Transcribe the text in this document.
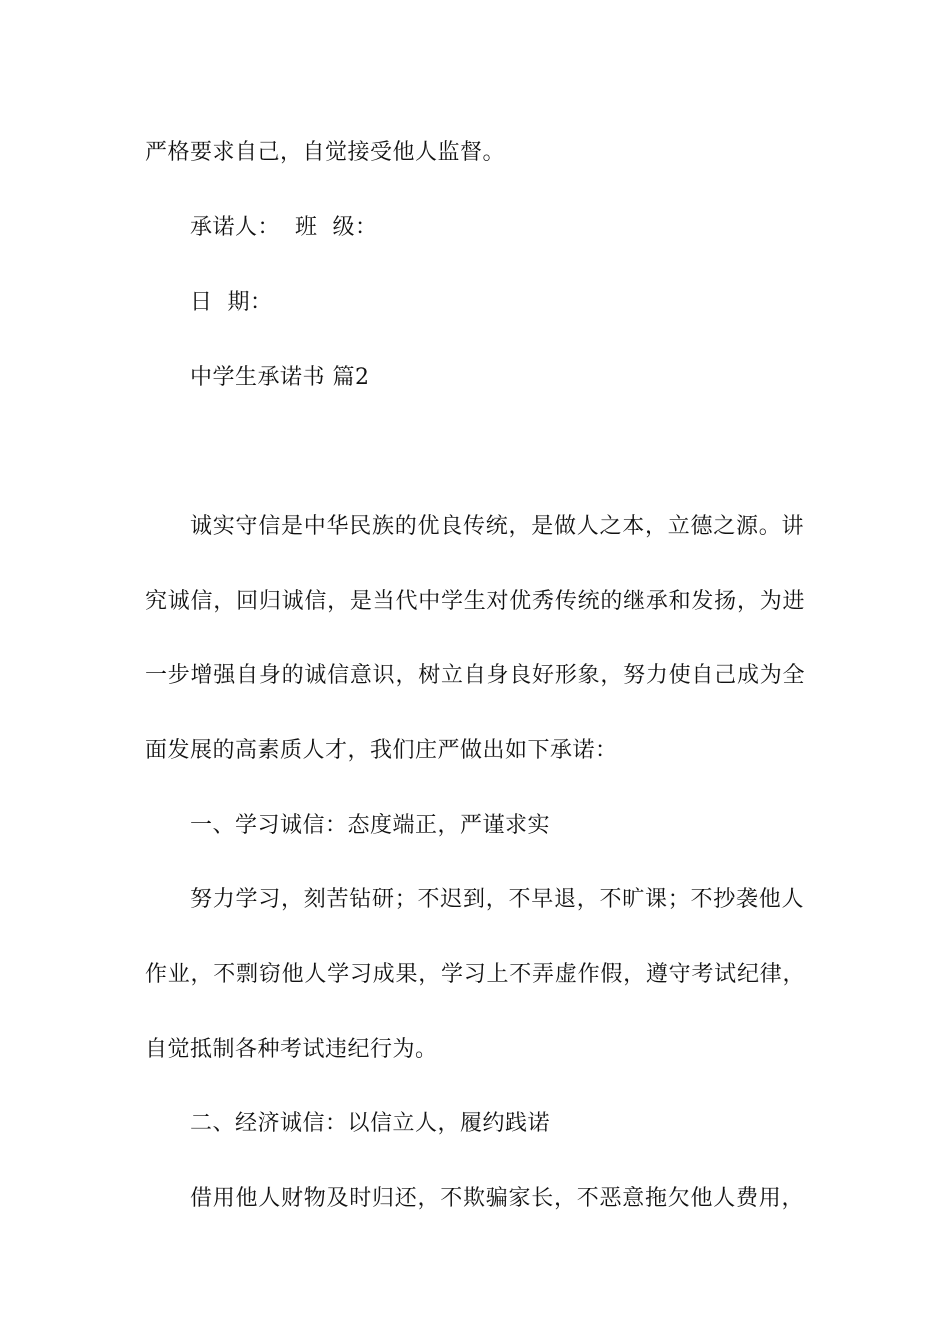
严格要求自己，自觉接受他人监督。
承诺人：  班  级：
日  期：
中学生承诺书 篇2
诚实守信是中华民族的优良传统，是做人之本，立德之源。讲
究诚信，回归诚信，是当代中学生对优秀传统的继承和发扬，为进
一步增强自身的诚信意识，树立自身良好形象，努力使自己成为全
面发展的高素质人才，我们庄严做出如下承诺：
一、学习诚信：态度端正，严谨求实
努力学习，刻苦钻研；不迟到，不早退，不旷课；不抄袭他人
作业，不剽窃他人学习成果，学习上不弄虚作假，遵守考试纪律，
自觉抵制各种考试违纪行为。
二、经济诚信：以信立人，履约践诺
借用他人财物及时归还，不欺骗家长，不恶意拖欠他人费用，
